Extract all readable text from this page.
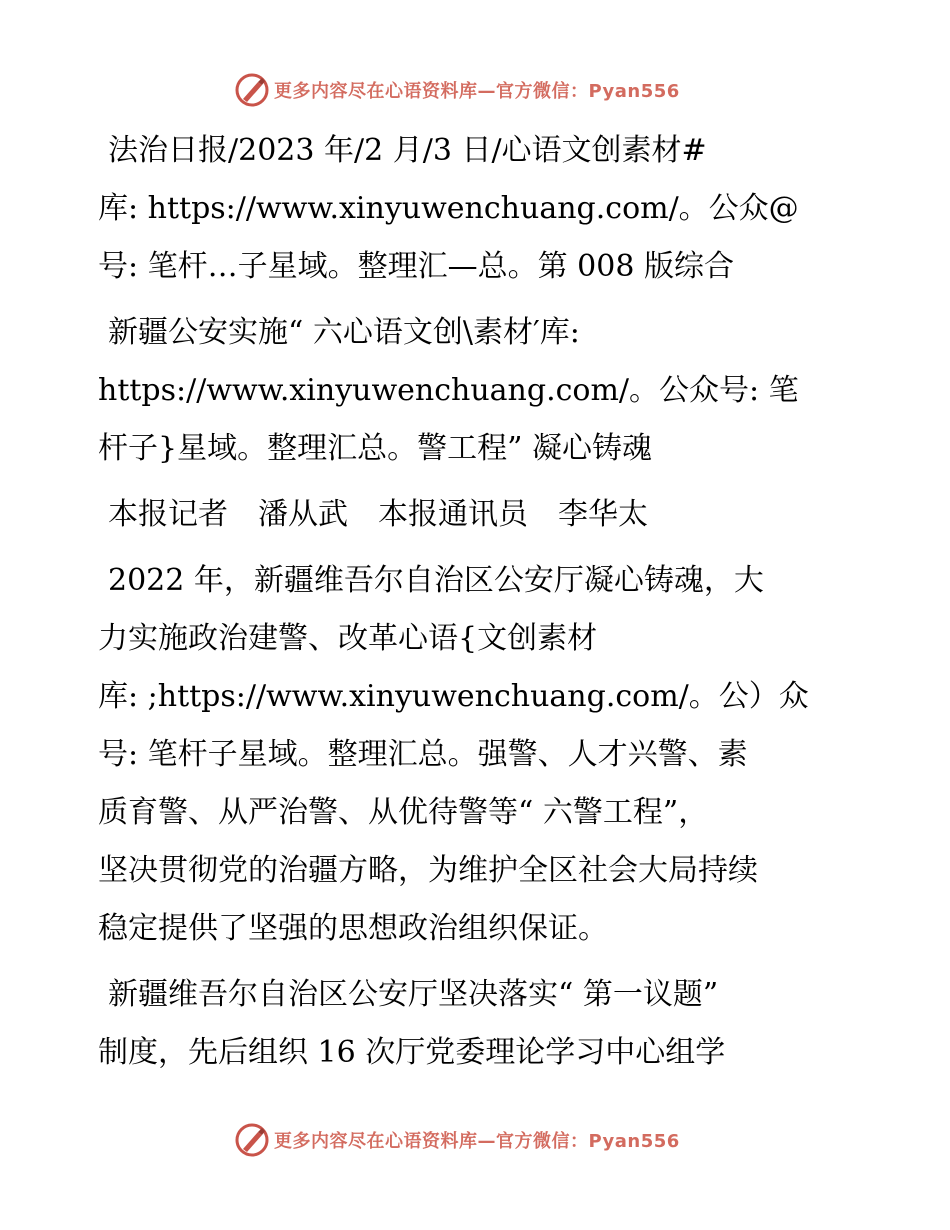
更多内容尽在心语资料库—官方微信：Pyan556

法治日报/2023 年/2 月/3 日/心语文创素材#
库: https://www.xinyuwenchuang.com/。公众@
号: 笔杆…子星域。整理汇—总。第 008 版综合

新疆公安实施“ 六心语文创\素材′库:
https://www.xinyuwenchuang.com/。公众号: 笔
杆子}星域。整理汇总。警工程” 凝心铸魂

本报记者　潘从武　本报通讯员　李华太

2022 年，新疆维吾尔自治区公安厅凝心铸魂，大
力实施政治建警、改革心语{文创素材
库: ;https://www.xinyuwenchuang.com/。公）众
号: 笔杆子星域。整理汇总。强警、人才兴警、素
质育警、从严治警、从优待警等“ 六警工程”，
坚决贯彻党的治疆方略，为维护全区社会大局持续
稳定提供了坚强的思想政治组织保证。

新疆维吾尔自治区公安厅坚决落实“ 第一议题”
制度，先后组织 16 次厅党委理论学习中心组学

更多内容尽在心语资料库—官方微信：Pyan556
